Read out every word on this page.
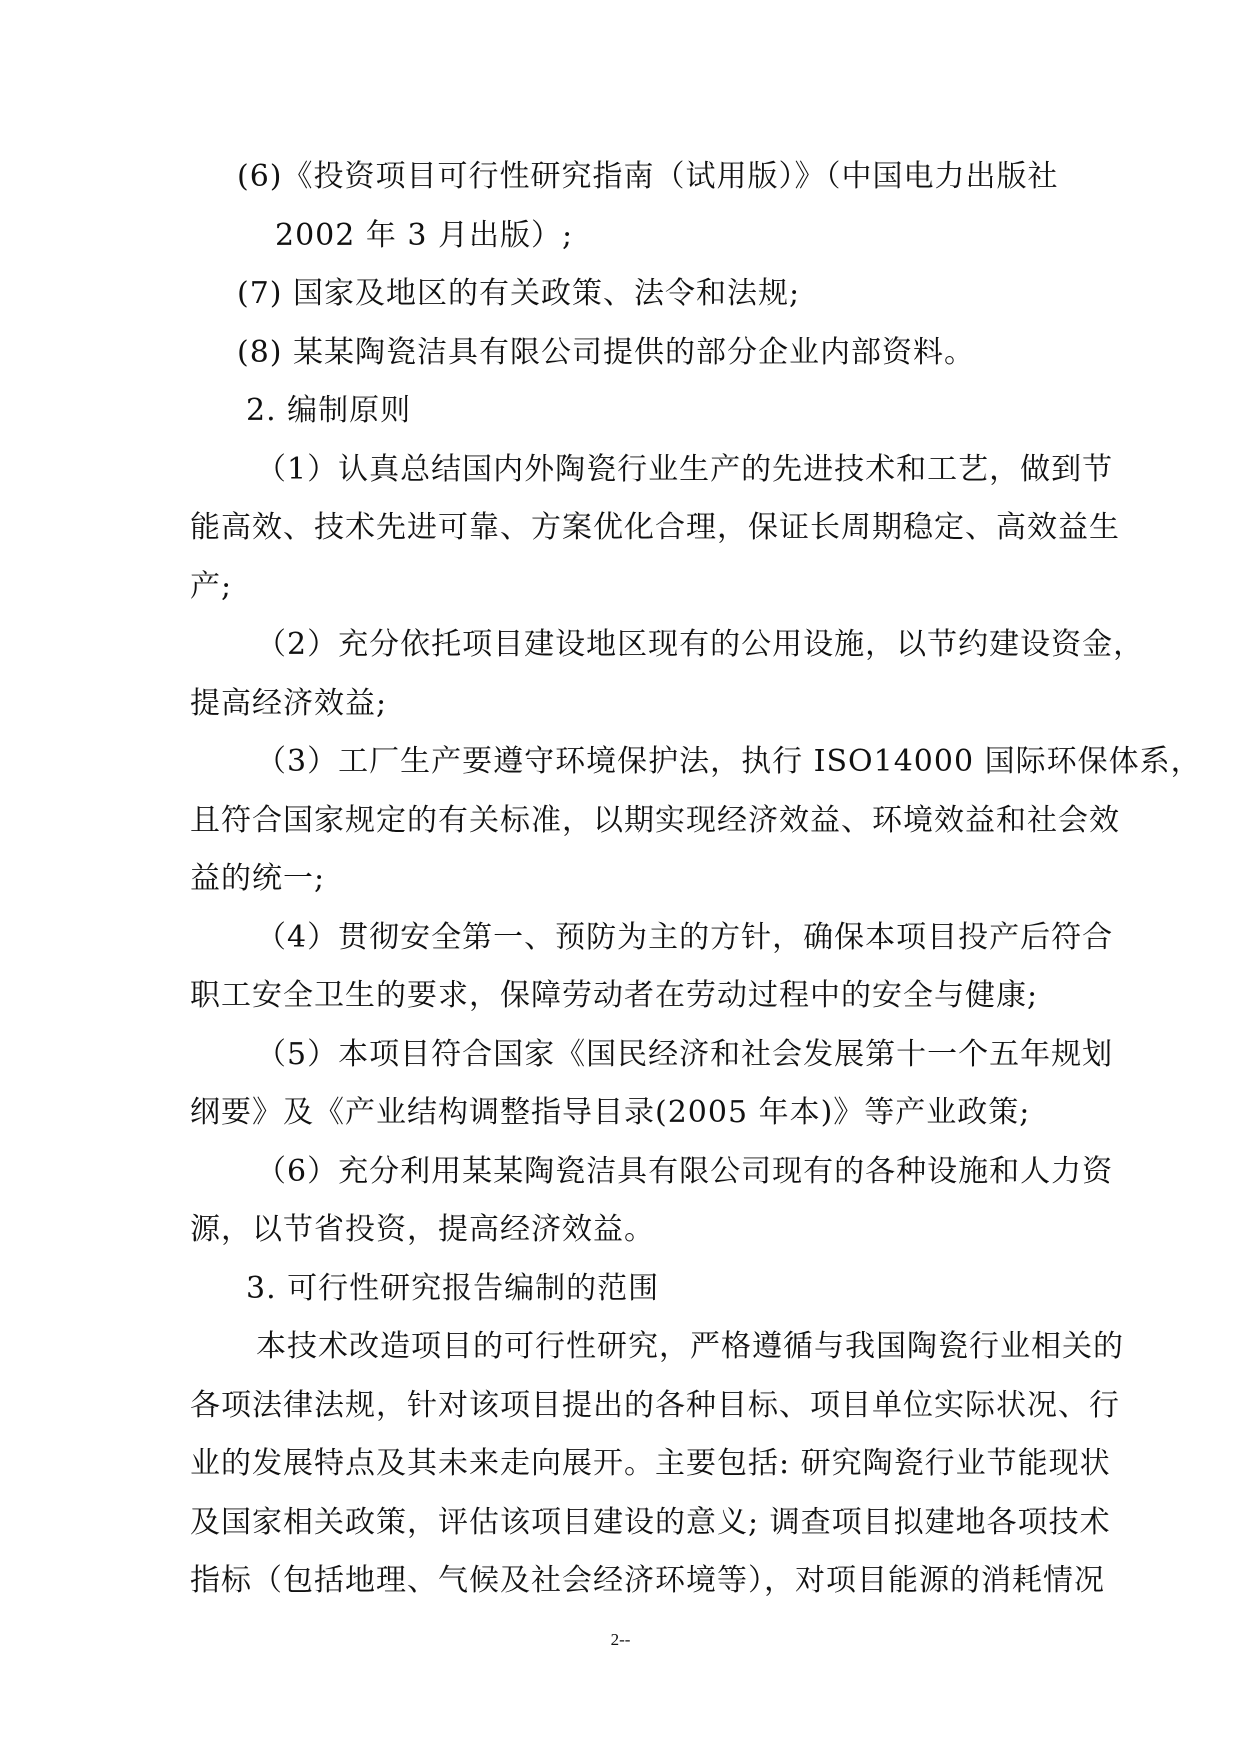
(6)《投资项目可行性研究指南（试用版）》（中国电力出版社
2002 年 3 月出版）;
(7) 国家及地区的有关政策、法令和法规;
(8) 某某陶瓷洁具有限公司提供的部分企业内部资料。
2. 编制原则
（1）认真总结国内外陶瓷行业生产的先进技术和工艺，做到节
能高效、技术先进可靠、方案优化合理，保证长周期稳定、高效益生
产;
（2）充分依托项目建设地区现有的公用设施，以节约建设资金，
提高经济效益;
（3）工厂生产要遵守环境保护法，执行 ISO14000 国际环保体系，
且符合国家规定的有关标准，以期实现经济效益、环境效益和社会效
益的统一;
（4）贯彻安全第一、预防为主的方针，确保本项目投产后符合
职工安全卫生的要求，保障劳动者在劳动过程中的安全与健康;
（5）本项目符合国家《国民经济和社会发展第十一个五年规划
纲要》及《产业结构调整指导目录(2005 年本)》等产业政策;
（6）充分利用某某陶瓷洁具有限公司现有的各种设施和人力资
源，以节省投资，提高经济效益。
3. 可行性研究报告编制的范围
本技术改造项目的可行性研究，严格遵循与我国陶瓷行业相关的
各项法律法规，针对该项目提出的各种目标、项目单位实际状况、行
业的发展特点及其未来走向展开。主要包括: 研究陶瓷行业节能现状
及国家相关政策，评估该项目建设的意义; 调查项目拟建地各项技术
指标（包括地理、气候及社会经济环境等），对项目能源的消耗情况
2--
